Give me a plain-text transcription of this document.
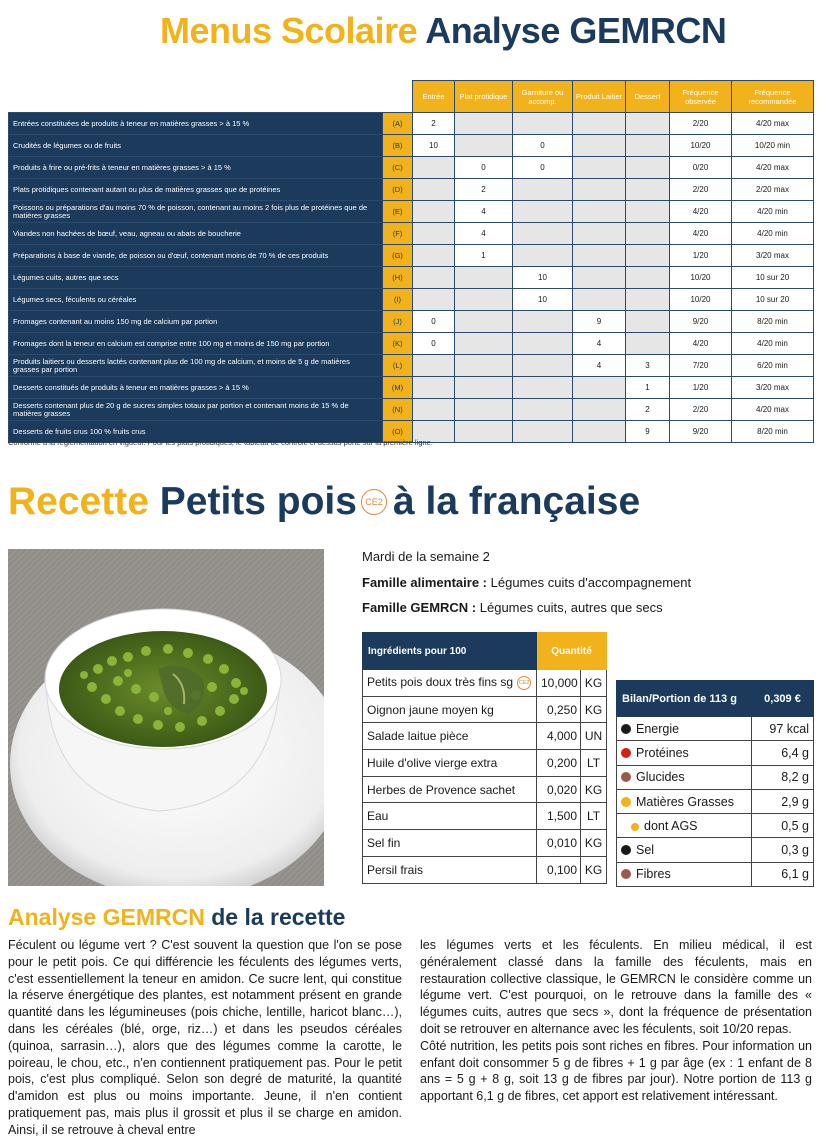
Menus Scolaire Analyse GEMRCN
		Entrée	Plat protidique	Garniture ou accomp.	Produit Laitier	Dessert	Fréquence observée	Fréquence recommandée
Entrées constituées de produits à teneur en matières grasses > à 15 %	(A)	2					2/20	4/20 max
Crudités de légumes ou de fruits	(B)	10		0			10/20	10/20 min
Produits à frire ou pré-frits à teneur en matières grasses > à 15 %	(C)		0	0			0/20	4/20 max
Plats protidiques contenant autant ou plus de matières grasses que de protéines	(D)		2				2/20	2/20 max
Poissons ou préparations d'au moins 70 % de poisson, contenant au moins 2 fois plus de protéines que de matières grasses	(E)		4				4/20	4/20 min
Viandes non hachées de bœuf, veau, agneau ou abats de boucherie	(F)		4				4/20	4/20 min
Préparations à base de viande, de poisson ou d'œuf, contenant moins de 70 % de ces produits	(G)		1				1/20	3/20 max
Légumes cuits, autres que secs	(H)			10			10/20	10 sur 20
Légumes secs, féculents ou céréales	(I)			10			10/20	10 sur 20
Fromages contenant au moins 150 mg de calcium par portion	(J)	0			9		9/20	8/20 min
Fromages dont la teneur en calcium est comprise entre 100 mg et moins de 150 mg par portion	(K)	0			4		4/20	4/20 min
Produits laitiers ou desserts lactés contenant plus de 100 mg de calcium, et moins de 5 g de matières grasses par portion	(L)				4	3	7/20	6/20 min
Desserts constitués de produits à teneur en matières grasses > à 15 %	(M)					1	1/20	3/20 max
Desserts contenant plus de 20 g de sucres simples totaux par portion et contenant moins de 15 % de matières grasses	(N)					2	2/20	4/20 max
Desserts de fruits crus 100 % fruits crus	(O)					9	9/20	8/20 min
Conforme à la réglementation en vigueur. Pour les plats protidiques, le tableau de contrôle ci-dessus porte sur la première ligne.
Recette
Petits pois CE2 à la française
Mardi de la semaine 2
Famille alimentaire : Légumes cuits d'accompagnement
Famille GEMRCN : Légumes cuits, autres que secs
Ingrédients pour 100	Quantité	
Petits pois doux très fins sg CE2	10,000	KG
Oignon jaune moyen kg	0,250	KG
Salade laitue pièce	4,000	UN
Huile d'olive vierge extra	0,200	LT
Herbes de Provence sachet	0,020	KG
Eau	1,500	LT
Sel fin	0,010	KG
Persil frais	0,100	KG
Bilan/Portion de 113 g	0,309 €
Energie	97 kcal
Protéines	6,4 g
Glucides	8,2 g
Matières Grasses	2,9 g
dont AGS	0,5 g
Sel	0,3 g
Fibres	6,1 g
Analyse GEMRCN de la recette

Féculent ou légume vert ? C'est souvent la question que l'on se pose pour le petit pois. Ce qui différencie les féculents des légumes verts, c'est essentiellement la teneur en amidon. Ce sucre lent, qui constitue la réserve énergétique des plantes, est notamment présent en grande quantité dans les légumineuses (pois chiche, lentille, haricot blanc…), dans les céréales (blé, orge, riz…) et dans les pseudos céréales (quinoa, sarrasin…), alors que des légumes comme la carotte, le poireau, le chou, etc., n'en contiennent pratiquement pas. Pour le petit pois, c'est plus compliqué. Selon son degré de maturité, la quantité d'amidon est plus ou moins importante. Jeune, il n'en contient pratiquement pas, mais plus il grossit et plus il se charge en amidon. Ainsi, il se retrouve à cheval entre

les légumes verts et les féculents. En milieu médical, il est généralement classé dans la famille des féculents, mais en restauration collective classique, le GEMRCN le considère comme un légume vert. C'est pourquoi, on le retrouve dans la famille des « légumes cuits, autres que secs », dont la fréquence de présentation doit se retrouver en alternance avec les féculents, soit 10/20 repas.

Côté nutrition, les petits pois sont riches en fibres. Pour information un enfant doit consommer 5 g de fibres + 1 g par âge (ex : 1 enfant de 8 ans = 5 g + 8 g, soit 13 g de fibres par jour). Notre portion de 113 g apportant 6,1 g de fibres, cet apport est relativement intéressant.
